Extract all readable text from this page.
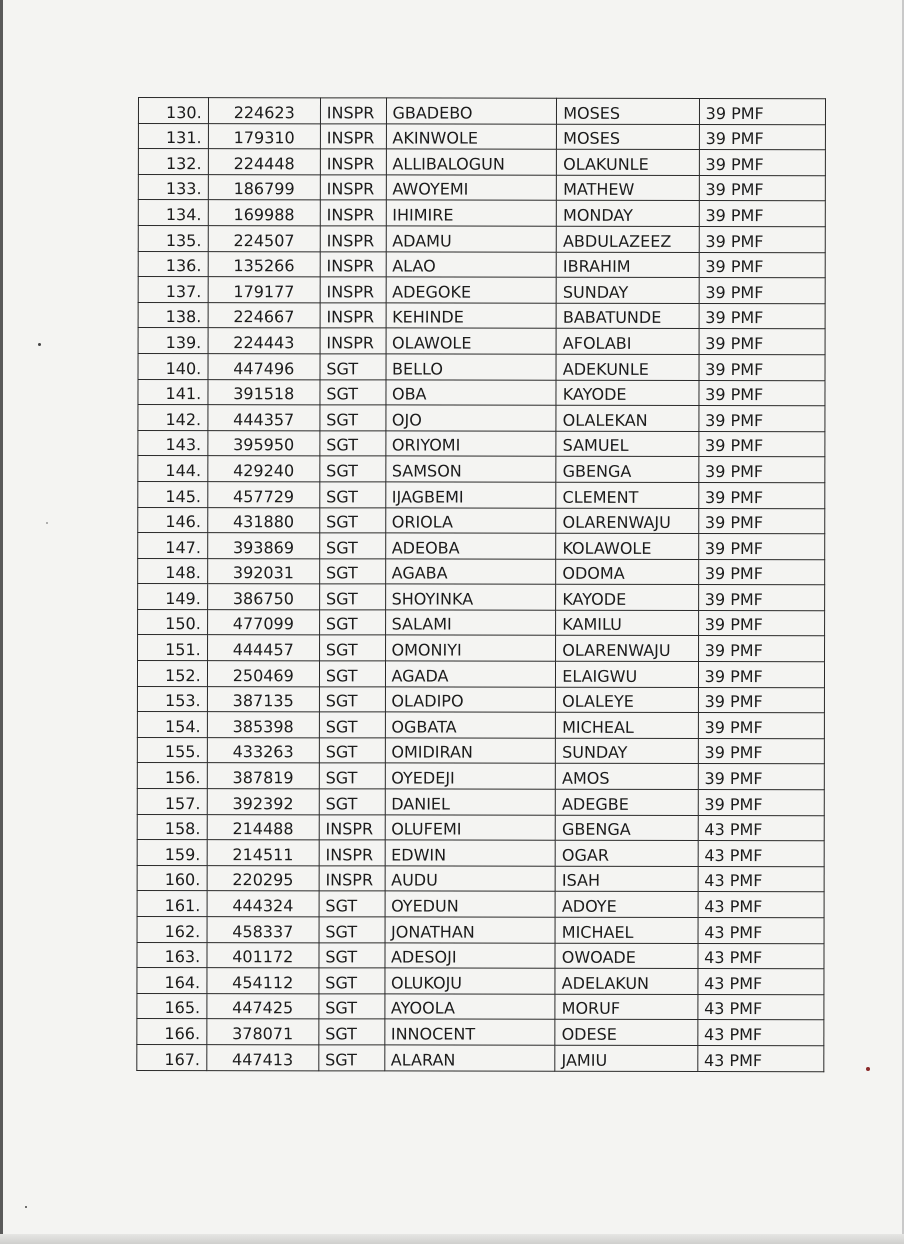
130.	224623	INSPR	GBADEBO	MOSES	39 PMF
131.	179310	INSPR	AKINWOLE	MOSES	39 PMF
132.	224448	INSPR	ALLIBALOGUN	OLAKUNLE	39 PMF
133.	186799	INSPR	AWOYEMI	MATHEW	39 PMF
134.	169988	INSPR	IHIMIRE	MONDAY	39 PMF
135.	224507	INSPR	ADAMU	ABDULAZEEZ	39 PMF
136.	135266	INSPR	ALAO	IBRAHIM	39 PMF
137.	179177	INSPR	ADEGOKE	SUNDAY	39 PMF
138.	224667	INSPR	KEHINDE	BABATUNDE	39 PMF
139.	224443	INSPR	OLAWOLE	AFOLABI	39 PMF
140.	447496	SGT	BELLO	ADEKUNLE	39 PMF
141.	391518	SGT	OBA	KAYODE	39 PMF
142.	444357	SGT	OJO	OLALEKAN	39 PMF
143.	395950	SGT	ORIYOMI	SAMUEL	39 PMF
144.	429240	SGT	SAMSON	GBENGA	39 PMF
145.	457729	SGT	IJAGBEMI	CLEMENT	39 PMF
146.	431880	SGT	ORIOLA	OLARENWAJU	39 PMF
147.	393869	SGT	ADEOBA	KOLAWOLE	39 PMF
148.	392031	SGT	AGABA	ODOMA	39 PMF
149.	386750	SGT	SHOYINKA	KAYODE	39 PMF
150.	477099	SGT	SALAMI	KAMILU	39 PMF
151.	444457	SGT	OMONIYI	OLARENWAJU	39 PMF
152.	250469	SGT	AGADA	ELAIGWU	39 PMF
153.	387135	SGT	OLADIPO	OLALEYE	39 PMF
154.	385398	SGT	OGBATA	MICHEAL	39 PMF
155.	433263	SGT	OMIDIRAN	SUNDAY	39 PMF
156.	387819	SGT	OYEDEJI	AMOS	39 PMF
157.	392392	SGT	DANIEL	ADEGBE	39 PMF
158.	214488	INSPR	OLUFEMI	GBENGA	43 PMF
159.	214511	INSPR	EDWIN	OGAR	43 PMF
160.	220295	INSPR	AUDU	ISAH	43 PMF
161.	444324	SGT	OYEDUN	ADOYE	43 PMF
162.	458337	SGT	JONATHAN	MICHAEL	43 PMF
163.	401172	SGT	ADESOJI	OWOADE	43 PMF
164.	454112	SGT	OLUKOJU	ADELAKUN	43 PMF
165.	447425	SGT	AYOOLA	MORUF	43 PMF
166.	378071	SGT	INNOCENT	ODESE	43 PMF
167.	447413	SGT	ALARAN	JAMIU	43 PMF
